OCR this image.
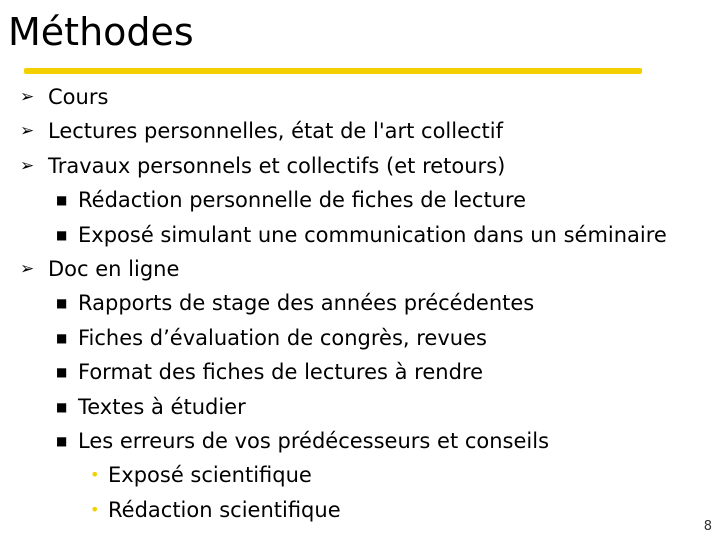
Méthodes
➢ Cours
➢ Lectures personnelles, état de l'art collectif
➢ Travaux personnels et collectifs (et retours)
■ Rédaction personnelle de fiches de lecture
■ Exposé simulant une communication dans un séminaire
➢ Doc en ligne
■ Rapports de stage des années précédentes
■ Fiches d’évaluation de congrès, revues
■ Format des fiches de lectures à rendre
■ Textes à étudier
■ Les erreurs de vos prédécesseurs et conseils
• Exposé scientifique
• Rédaction scientifique
8
